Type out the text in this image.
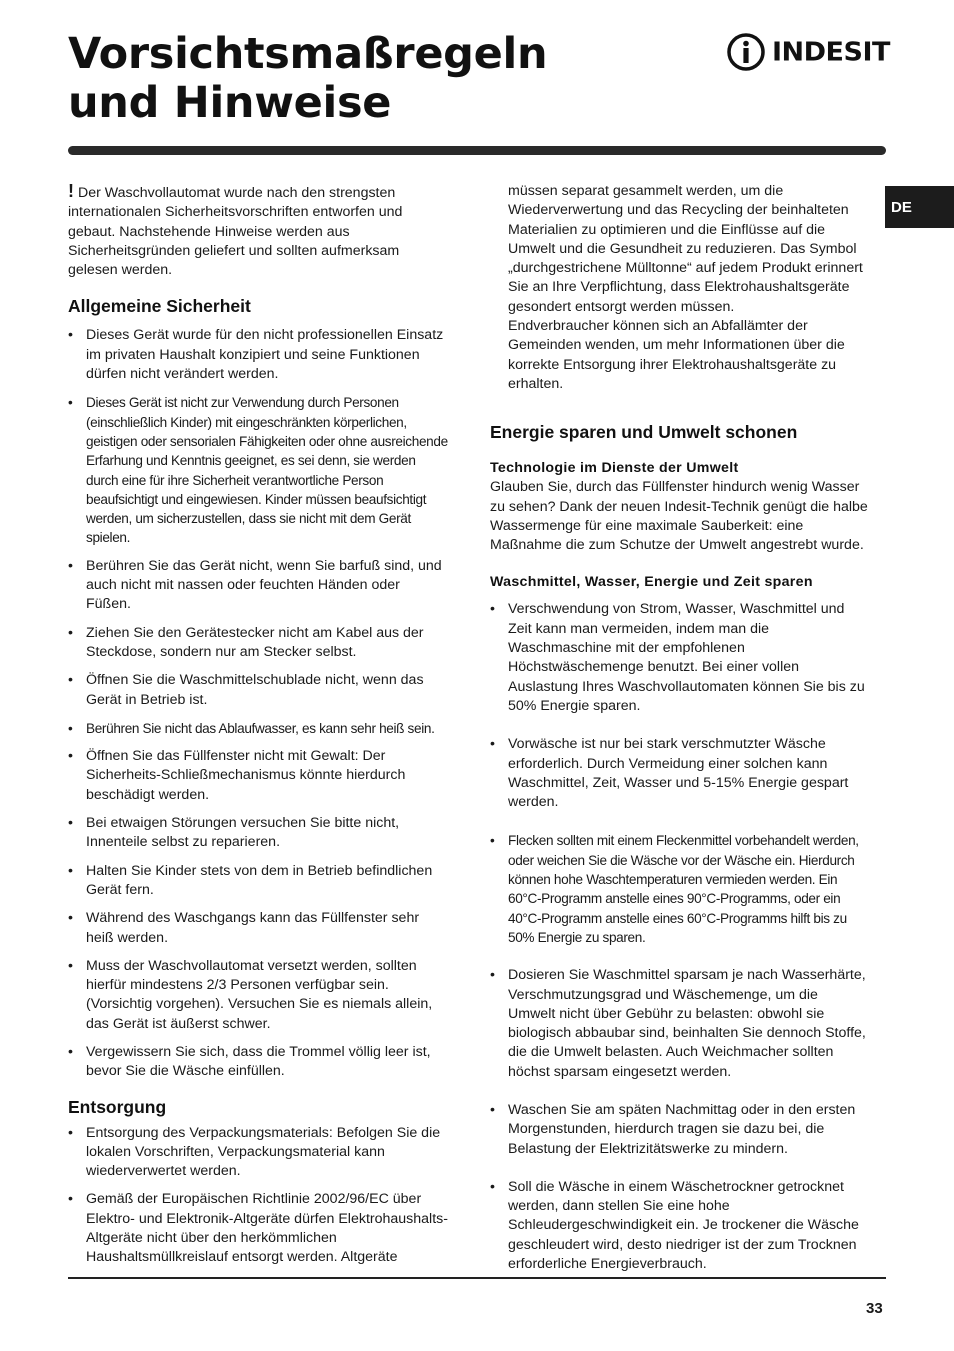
Vorsichtsmaßregeln
und Hinweise
INDESIT
DE

! Der Waschvollautomat wurde nach den strengsten internationalen Sicherheitsvorschriften entworfen und gebaut. Nachstehende Hinweise werden aus Sicherheitsgründen geliefert und sollten aufmerksam gelesen werden.

Allgemeine Sicherheit
• Dieses Gerät wurde für den nicht professionellen Einsatz im privaten Haushalt konzipiert und seine Funktionen dürfen nicht verändert werden.
• Dieses Gerät ist nicht zur Verwendung durch Personen (einschließlich Kinder) mit eingeschränkten körperlichen, geistigen oder sensorialen Fähigkeiten oder ohne ausreichende Erfarhung und Kenntnis geeignet, es sei denn, sie werden durch eine für ihre Sicherheit verantwortliche Person beaufsichtigt und eingewiesen. Kinder müssen beaufsichtigt werden, um sicherzustellen, dass sie nicht mit dem Gerät spielen.
• Berühren Sie das Gerät nicht, wenn Sie barfuß sind, und auch nicht mit nassen oder feuchten Händen oder Füßen.
• Ziehen Sie den Gerätestecker nicht am Kabel aus der Steckdose, sondern nur am Stecker selbst.
• Öffnen Sie die Waschmittelschublade nicht, wenn das Gerät in Betrieb ist.
• Berühren Sie nicht das Ablaufwasser, es kann sehr heiß sein.
• Öffnen Sie das Füllfenster nicht mit Gewalt: Der Sicherheits-Schließmechanismus könnte hierdurch beschädigt werden.
• Bei etwaigen Störungen versuchen Sie bitte nicht, Innenteile selbst zu reparieren.
• Halten Sie Kinder stets von dem in Betrieb befindlichen Gerät fern.
• Während des Waschgangs kann das Füllfenster sehr heiß werden.
• Muss der Waschvollautomat versetzt werden, sollten hierfür mindestens 2/3 Personen verfügbar sein. (Vorsichtig vorgehen). Versuchen Sie es niemals allein, das Gerät ist äußerst schwer.
• Vergewissern Sie sich, dass die Trommel völlig leer ist, bevor Sie die Wäsche einfüllen.
Entsorgung
• Entsorgung des Verpackungsmaterials: Befolgen Sie die lokalen Vorschriften, Verpackungsmaterial kann wiederverwertet werden.
• Gemäß der Europäischen Richtlinie 2002/96/EC über Elektro- und Elektronik-Altgeräte dürfen Elektrohaushalts-Altgeräte nicht über den herkömmlichen Haushaltsmüllkreislauf entsorgt werden. Altgeräte

müssen separat gesammelt werden, um die Wiederverwertung und das Recycling der beinhalteten Materialien zu optimieren und die Einflüsse auf die Umwelt und die Gesundheit zu reduzieren. Das Symbol „durchgestrichene Mülltonne“ auf jedem Produkt erinnert Sie an Ihre Verpflichtung, dass Elektrohaushaltsgeräte gesondert entsorgt werden müssen.

Endverbraucher können sich an Abfallämter der Gemeinden wenden, um mehr Informationen über die korrekte Entsorgung ihrer Elektrohaushaltsgeräte zu erhalten.

Energie sparen und Umwelt schonen
Technologie im Dienste der Umwelt

Glauben Sie, durch das Füllfenster hindurch wenig Wasser zu sehen? Dank der neuen Indesit-Technik genügt die halbe Wassermenge für eine maximale Sauberkeit: eine Maßnahme die zum Schutze der Umwelt angestrebt wurde.

Waschmittel, Wasser, Energie und Zeit sparen
• Verschwendung von Strom, Wasser, Waschmittel und Zeit kann man vermeiden, indem man die Waschmaschine mit der empfohlenen Höchstwäschemenge benutzt. Bei einer vollen Auslastung Ihres Waschvollautomaten können Sie bis zu 50% Energie sparen.
• Vorwäsche ist nur bei stark verschmutzter Wäsche erforderlich. Durch Vermeidung einer solchen kann Waschmittel, Zeit, Wasser und 5-15% Energie gespart werden.
• Flecken sollten mit einem Fleckenmittel vorbehandelt werden, oder weichen Sie die Wäsche vor der Wäsche ein. Hierdurch können hohe Waschtemperaturen vermieden werden. Ein 60°C-Programm anstelle eines 90°C-Programms, oder ein 40°C-Programm anstelle eines 60°C-Programms hilft bis zu 50% Energie zu sparen.
• Dosieren Sie Waschmittel sparsam je nach Wasserhärte, Verschmutzungsgrad und Wäschemenge, um die Umwelt nicht über Gebühr zu belasten: obwohl sie biologisch abbaubar sind, beinhalten Sie dennoch Stoffe, die die Umwelt belasten. Auch Weichmacher sollten höchst sparsam eingesetzt werden.
• Waschen Sie am späten Nachmittag oder in den ersten Morgenstunden, hierdurch tragen sie dazu bei, die Belastung der Elektrizitätswerke zu mindern.
• Soll die Wäsche in einem Wäschetrockner getrocknet werden, dann stellen Sie eine hohe Schleudergeschwindigkeit ein. Je trockener die Wäsche geschleudert wird, desto niedriger ist der zum Trocknen erforderliche Energieverbrauch.
33
